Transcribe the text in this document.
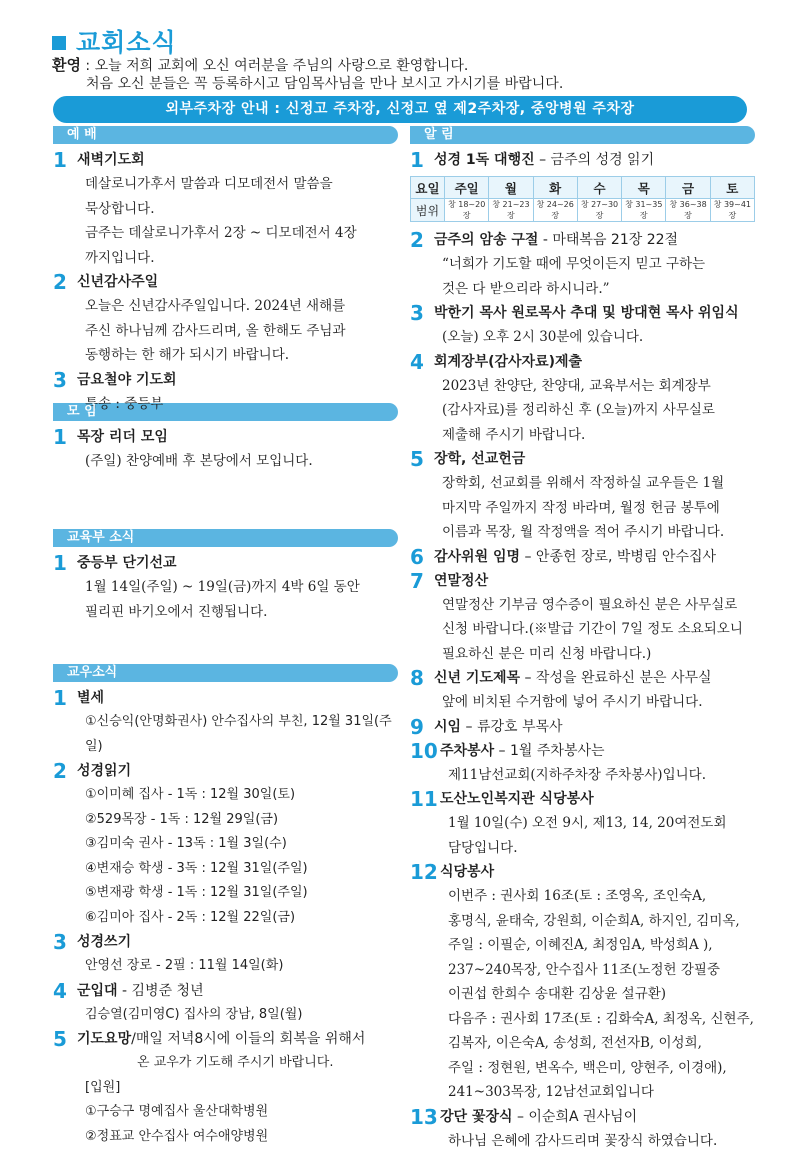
교회소식
환영 : 오늘 저희 교회에 오신 여러분을 주님의 사랑으로 환영합니다.
처음 오신 분들은 꼭 등록하시고 담임목사님을 만나 보시고 가시기를 바랍니다.
외부주차장 안내 : 신정고 주차장, 신정고 옆 제2주차장, 중앙병원 주차장
예 배
1 새벽기도회
데살로니가후서 말씀과 디모데전서 말씀을
묵상합니다.
금주는 데살로니가후서 2장 ~ 디모데전서 4장
까지입니다.
2 신년감사주일
오늘은 신년감사주일입니다. 2024년 새해를
주신 하나님께 감사드리며, 올 한해도 주님과
동행하는 한 해가 되시기 바랍니다.
3 금요철야 기도회
특송 : 중등부
모 임
1 목장 리더 모임
(주일) 찬양예배 후 본당에서 모입니다.
교육부 소식
1 중등부 단기선교
1월 14일(주일) ~ 19일(금)까지 4박 6일 동안
필리핀 바기오에서 진행됩니다.
교우소식
1 별세
①신승익(안명화권사) 안수집사의 부친, 12월 31일(주일)
2 성경읽기
①이미혜 집사 - 1독 : 12월 30일(토)
②529목장 - 1독 : 12월 29일(금)
③김미숙 권사 - 13독 : 1월 3일(수)
④변재승 학생 - 3독 : 12월 31일(주일)
⑤변재광 학생 - 1독 : 12월 31일(주일)
⑥김미아 집사 - 2독 : 12월 22일(금)
3 성경쓰기
안영선 장로 - 2필 : 11월 14일(화)
4 군입대 - 김병준 청년
김승열(김미영C) 집사의 장남, 8일(월)
5 기도요망/매일 저녁8시에 이들의 회복을 위해서
온 교우가 기도해 주시기 바랍니다.
[입원]
①구승구 명예집사 울산대학병원
②정표교 안수집사 여수애양병원
알 림
1 성경 1독 대행진 – 금주의 성경 읽기
요일	주일	월	화	수	목	금	토
범위	창 18~20장	창 21~23장	창 24~26장	창 27~30장	창 31~35장	창 36~38장	창 39~41장
2 금주의 암송 구절 - 마태복음 21장 22절
“너희가 기도할 때에 무엇이든지 믿고 구하는
것은 다 받으리라 하시니라.”
3 박한기 목사 원로목사 추대 및 방대현 목사 위임식
(오늘) 오후 2시 30분에 있습니다.
4 회계장부(감사자료)제출
2023년 찬양단, 찬양대, 교육부서는 회계장부
(감사자료)를 정리하신 후 (오늘)까지 사무실로
제출해 주시기 바랍니다.
5 장학, 선교헌금
장학회, 선교회를 위해서 작정하실 교우들은 1월
마지막 주일까지 작정 바라며, 월정 헌금 봉투에
이름과 목장, 월 작정액을 적어 주시기 바랍니다.
6 감사위원 임명 – 안종헌 장로, 박병림 안수집사
7 연말정산
연말정산 기부금 영수증이 필요하신 분은 사무실로
신청 바랍니다.(※발급 기간이 7일 정도 소요되오니
필요하신 분은 미리 신청 바랍니다.)
8 신년 기도제목 – 작성을 완료하신 분은 사무실
앞에 비치된 수거함에 넣어 주시기 바랍니다.
9 시임 – 류강호 부목사
10 주차봉사 – 1월 주차봉사는
제11남선교회(지하주차장 주차봉사)입니다.
11 도산노인복지관 식당봉사
1월 10일(수) 오전 9시, 제13, 14, 20여전도회
담당입니다.
12 식당봉사
이번주 : 권사회 16조(토 : 조영옥, 조인숙A,
홍명식, 윤태숙, 강원희, 이순희A, 하지인, 김미옥,
주일 : 이필순, 이혜진A, 최정임A, 박성희A ),
237~240목장, 안수집사 11조(노정헌 강필중
이권섭 한희수 송대환 김상윤 설규환)
다음주 : 권사회 17조(토 : 김화숙A, 최정옥, 신현주,
김복자, 이은숙A, 송성희, 전선자B, 이성희,
주일 : 정현원, 변옥수, 백은미, 양현주, 이경애),
241~303목장, 12남선교회입니다
13 강단 꽃장식 – 이순희A 권사님이
하나님 은혜에 감사드리며 꽃장식 하였습니다.
